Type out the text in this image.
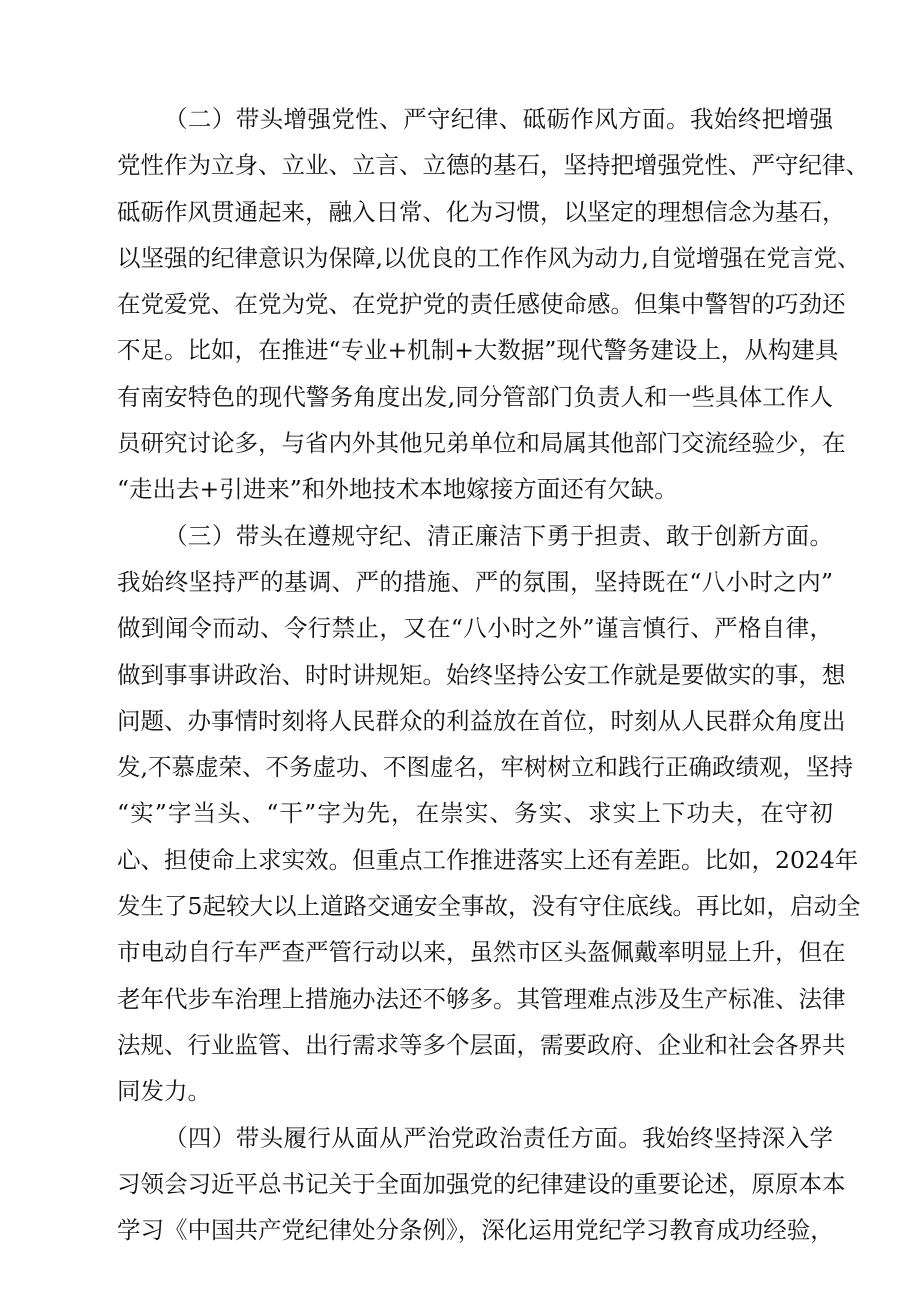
（二）带头增强党性、严守纪律、砥砺作风方面。我始终把增强
党性作为立身、立业、立言、立德的基石，坚持把增强党性、严守纪律、
砥砺作风贯通起来，融入日常、化为习惯，以坚定的理想信念为基石，
以坚强的纪律意识为保障,以优良的工作作风为动力,自觉增强在党言党、
在党爱党、在党为党、在党护党的责任感使命感。但集中警智的巧劲还
不足。比如，在推进“专业+机制+大数据”现代警务建设上，从构建具
有南安特色的现代警务角度出发,同分管部门负责人和一些具体工作人
员研究讨论多，与省内外其他兄弟单位和局属其他部门交流经验少，在
“走出去+引进来”和外地技术本地嫁接方面还有欠缺。
（三）带头在遵规守纪、清正廉洁下勇于担责、敢于创新方面。
我始终坚持严的基调、严的措施、严的氛围，坚持既在“八小时之内”
做到闻令而动、令行禁止，又在“八小时之外”谨言慎行、严格自律，
做到事事讲政治、时时讲规矩。始终坚持公安工作就是要做实的事，想
问题、办事情时刻将人民群众的利益放在首位，时刻从人民群众角度出
发,不慕虚荣、不务虚功、不图虚名，牢树树立和践行正确政绩观，坚持
“实”字当头、“干”字为先，在崇实、务实、求实上下功夫，在守初
心、担使命上求实效。但重点工作推进落实上还有差距。比如，2024年
发生了5起较大以上道路交通安全事故，没有守住底线。再比如，启动全
市电动自行车严查严管行动以来，虽然市区头盔佩戴率明显上升，但在
老年代步车治理上措施办法还不够多。其管理难点涉及生产标准、法律
法规、行业监管、出行需求等多个层面，需要政府、企业和社会各界共
同发力。
（四）带头履行从面从严治党政治责任方面。我始终坚持深入学
习领会习近平总书记关于全面加强党的纪律建设的重要论述，原原本本
学习《中国共产党纪律处分条例》，深化运用党纪学习教育成功经验，
